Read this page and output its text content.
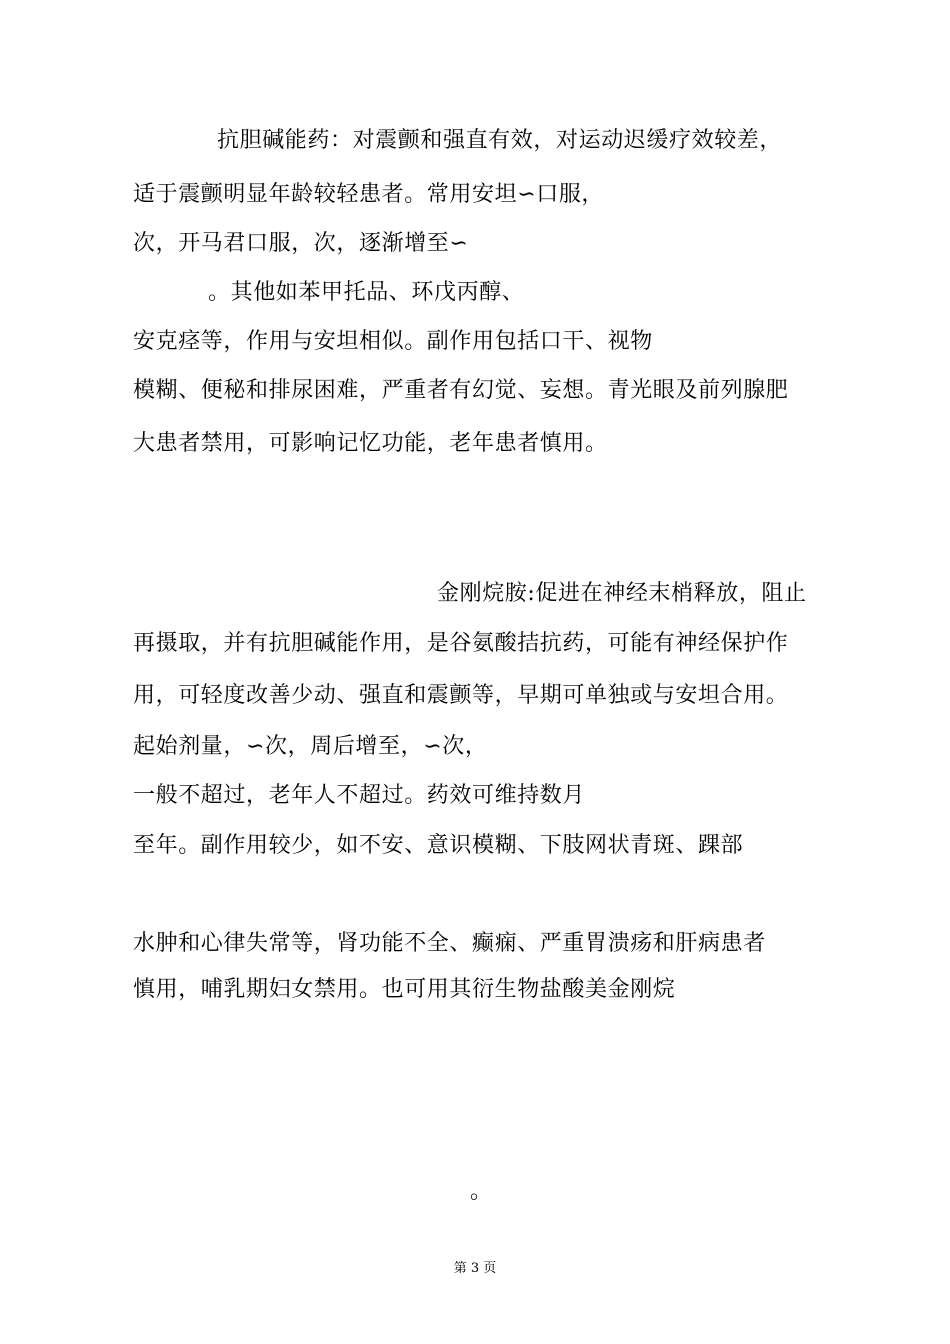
抗胆碱能药：对震颤和强直有效，对运动迟缓疗效较差，
适于震颤明显年龄较轻患者。常用安坦∽口服，
次，开马君口服，次，逐渐增至∽
。其他如苯甲托品、环戊丙醇、
安克痉等，作用与安坦相似。副作用包括口干、视物
模糊、便秘和排尿困难，严重者有幻觉、妄想。青光眼及前列腺肥
大患者禁用，可影响记忆功能，老年患者慎用。
金刚烷胺:促进在神经末梢释放，阻止
再摄取，并有抗胆碱能作用，是谷氨酸拮抗药，可能有神经保护作
用，可轻度改善少动、强直和震颤等，早期可单独或与安坦合用。
起始剂量，∽次，周后增至，∽次，
一般不超过，老年人不超过。药效可维持数月
至年。副作用较少，如不安、意识模糊、下肢网状青斑、踝部
水肿和心律失常等，肾功能不全、癫痫、严重胃溃疡和肝病患者
慎用，哺乳期妇女禁用。也可用其衍生物盐酸美金刚烷
。
第 3 页
